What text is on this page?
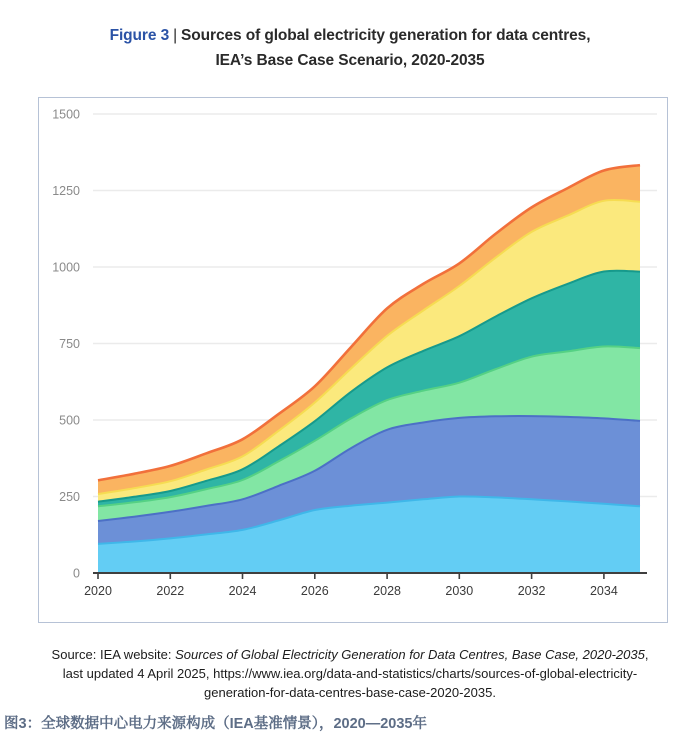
Figure 3 | Sources of global electricity generation for data centres,
IEA’s Base Case Scenario, 2020-2035
0
250
500
750
1000
1250
1500
2020	2022	2024	2026	2028	2030	2032	2034
Source: IEA website: Sources of Global Electricity Generation for Data Centres, Base Case, 2020-2035, last updated 4 April 2025, https://www.iea.org/data-and-statistics/charts/sources-of-global-electricity-generation-for-data-centres-base-case-2020-2035.
图3：全球数据中心电力来源构成（IEA基准情景），2020—2035年
